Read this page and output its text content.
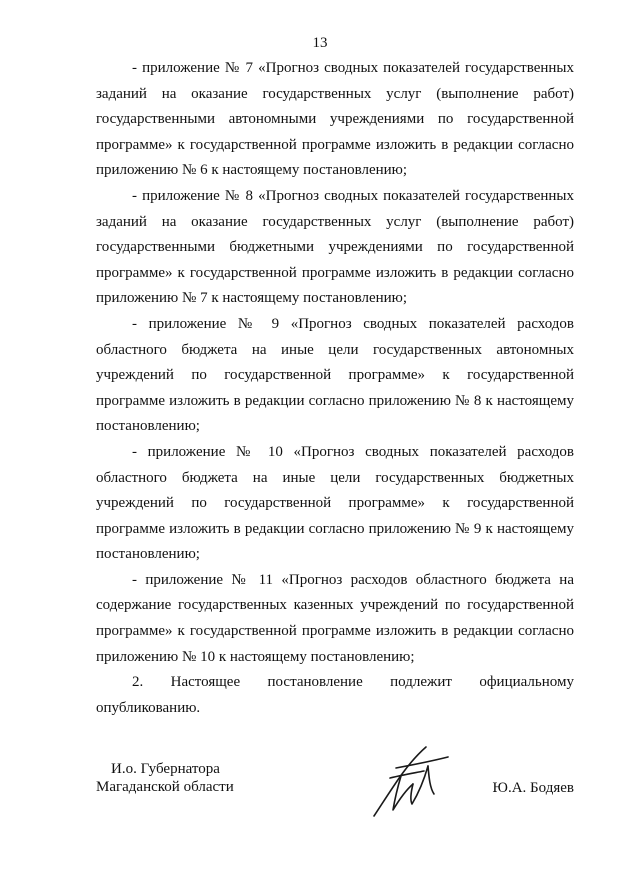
13

- приложение № 7 «Прогноз сводных показателей государственных заданий на оказание государственных услуг (выполнение работ) государственными автономными учреждениями по государственной программе» к государственной программе изложить в редакции согласно приложению № 6 к настоящему постановлению;

- приложение № 8 «Прогноз сводных показателей государственных заданий на оказание государственных услуг (выполнение работ) государственными бюджетными учреждениями по государственной программе» к государственной программе изложить в редакции согласно приложению № 7 к настоящему постановлению;

- приложение № 9 «Прогноз сводных показателей расходов областного бюджета на иные цели государственных автономных учреждений по государственной программе» к государственной программе изложить в редакции согласно приложению № 8 к настоящему постановлению;

- приложение № 10 «Прогноз сводных показателей расходов областного бюджета на иные цели государственных бюджетных учреждений по государственной программе» к государственной программе изложить в редакции согласно приложению № 9 к настоящему постановлению;

- приложение № 11 «Прогноз расходов областного бюджета на содержание государственных казенных учреждений по государственной программе» к государственной программе изложить в редакции согласно приложению № 10 к настоящему постановлению;

2. Настоящее постановление подлежит официальному опубликованию.

И.о. Губернатора
Магаданской области	Ю.А. Бодяев
